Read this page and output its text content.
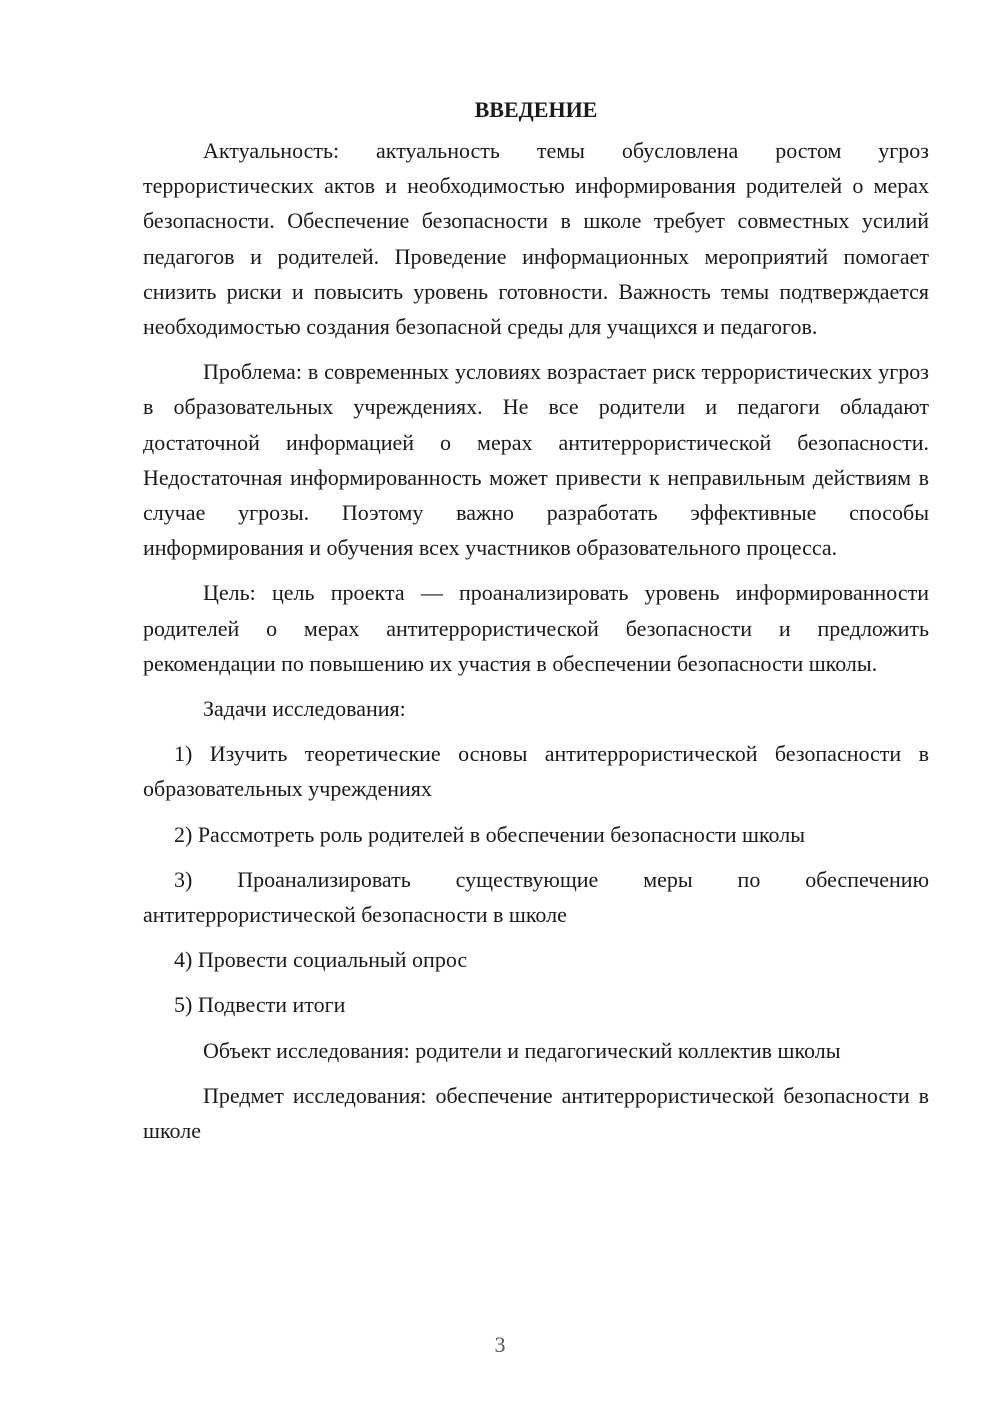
ВВЕДЕНИЕ

Актуальность: актуальность темы обусловлена ростом угроз террористических актов и необходимостью информирования родителей о мерах безопасности. Обеспечение безопасности в школе требует совместных усилий педагогов и родителей. Проведение информационных мероприятий помогает снизить риски и повысить уровень готовности. Важность темы подтверждается необходимостью создания безопасной среды для учащихся и педагогов.

Проблема: в современных условиях возрастает риск террористических угроз в образовательных учреждениях. Не все родители и педагоги обладают достаточной информацией о мерах антитеррористической безопасности. Недостаточная информированность может привести к неправильным действиям в случае угрозы. Поэтому важно разработать эффективные способы информирования и обучения всех участников образовательного процесса.

Цель: цель проекта — проанализировать уровень информированности родителей о мерах антитеррористической безопасности и предложить рекомендации по повышению их участия в обеспечении безопасности школы.

Задачи исследования:

1) Изучить теоретические основы антитеррористической безопасности в образовательных учреждениях

2) Рассмотреть роль родителей в обеспечении безопасности школы

3) Проанализировать существующие меры по обеспечению антитеррористической безопасности в школе

4) Провести социальный опрос

5) Подвести итоги

Объект исследования: родители и педагогический коллектив школы

Предмет исследования: обеспечение антитеррористической безопасности в школе

3
